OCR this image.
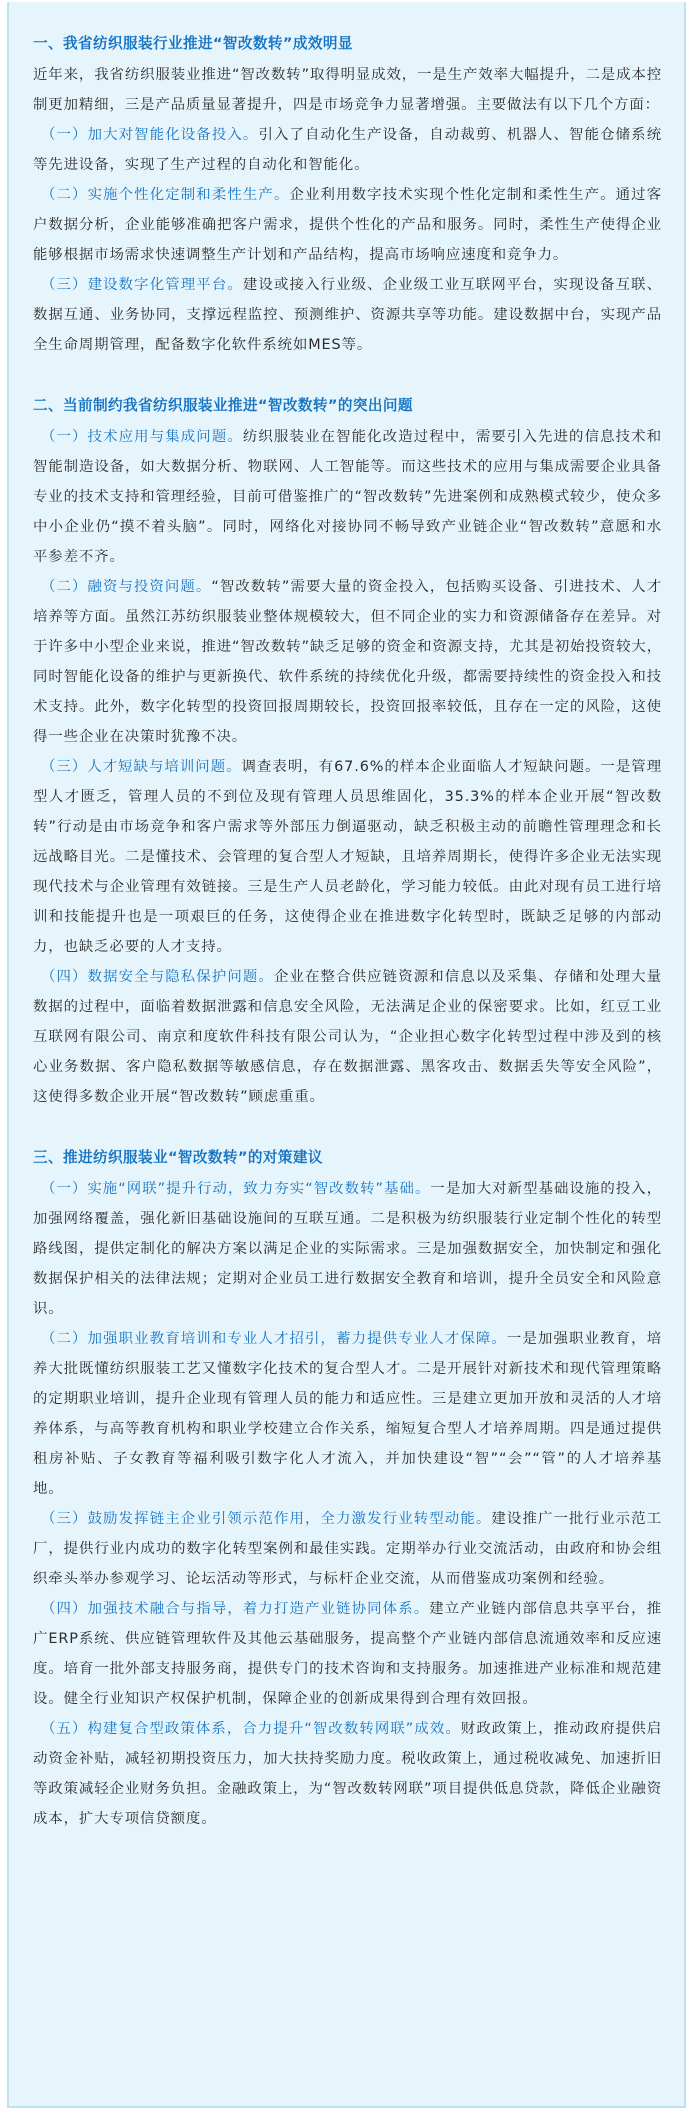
一、我省纺织服装行业推进“智改数转”成效明显

近年来，我省纺织服装业推进“智改数转”取得明显成效，一是生产效率大幅提升，二是成本控制更加精细，三是产品质量显著提升，四是市场竞争力显著增强。主要做法有以下几个方面：

（一）加大对智能化设备投入。引入了自动化生产设备，自动裁剪、机器人、智能仓储系统等先进设备，实现了生产过程的自动化和智能化。

（二）实施个性化定制和柔性生产。企业利用数字技术实现个性化定制和柔性生产。通过客户数据分析，企业能够准确把客户需求，提供个性化的产品和服务。同时，柔性生产使得企业能够根据市场需求快速调整生产计划和产品结构，提高市场响应速度和竞争力。

（三）建设数字化管理平台。建设或接入行业级、企业级工业互联网平台，实现设备互联、数据互通、业务协同，支撑远程监控、预测维护、资源共享等功能。建设数据中台，实现产品全生命周期管理，配备数字化软件系统如MES等。

二、当前制约我省纺织服装业推进“智改数转”的突出问题

（一）技术应用与集成问题。纺织服装业在智能化改造过程中，需要引入先进的信息技术和智能制造设备，如大数据分析、物联网、人工智能等。而这些技术的应用与集成需要企业具备专业的技术支持和管理经验，目前可借鉴推广的“智改数转”先进案例和成熟模式较少，使众多中小企业仍“摸不着头脑”。同时，网络化对接协同不畅导致产业链企业“智改数转”意愿和水平参差不齐。

（二）融资与投资问题。“智改数转”需要大量的资金投入，包括购买设备、引进技术、人才培养等方面。虽然江苏纺织服装业整体规模较大，但不同企业的实力和资源储备存在差异。对于许多中小型企业来说，推进“智改数转”缺乏足够的资金和资源支持，尤其是初始投资较大，同时智能化设备的维护与更新换代、软件系统的持续优化升级，都需要持续性的资金投入和技术支持。此外，数字化转型的投资回报周期较长，投资回报率较低，且存在一定的风险，这使得一些企业在决策时犹豫不决。

（三）人才短缺与培训问题。调查表明，有67.6%的样本企业面临人才短缺问题。一是管理型人才匮乏，管理人员的不到位及现有管理人员思维固化，35.3%的样本企业开展“智改数转”行动是由市场竞争和客户需求等外部压力倒逼驱动，缺乏积极主动的前瞻性管理理念和长远战略目光。二是懂技术、会管理的复合型人才短缺，且培养周期长，使得许多企业无法实现现代技术与企业管理有效链接。三是生产人员老龄化，学习能力较低。由此对现有员工进行培训和技能提升也是一项艰巨的任务，这使得企业在推进数字化转型时，既缺乏足够的内部动力，也缺乏必要的人才支持。

（四）数据安全与隐私保护问题。企业在整合供应链资源和信息以及采集、存储和处理大量数据的过程中，面临着数据泄露和信息安全风险，无法满足企业的保密要求。比如，红豆工业互联网有限公司、南京和度软件科技有限公司认为，“企业担心数字化转型过程中涉及到的核心业务数据、客户隐私数据等敏感信息，存在数据泄露、黑客攻击、数据丢失等安全风险”，这使得多数企业开展“智改数转”顾虑重重。

三、推进纺织服装业“智改数转”的对策建议

（一）实施“网联”提升行动，致力夯实“智改数转”基础。一是加大对新型基础设施的投入，加强网络覆盖，强化新旧基础设施间的互联互通。二是积极为纺织服装行业定制个性化的转型路线图，提供定制化的解决方案以满足企业的实际需求。三是加强数据安全，加快制定和强化数据保护相关的法律法规；定期对企业员工进行数据安全教育和培训，提升全员安全和风险意识。

（二）加强职业教育培训和专业人才招引，蓄力提供专业人才保障。一是加强职业教育，培养大批既懂纺织服装工艺又懂数字化技术的复合型人才。二是开展针对新技术和现代管理策略的定期职业培训，提升企业现有管理人员的能力和适应性。三是建立更加开放和灵活的人才培养体系，与高等教育机构和职业学校建立合作关系，缩短复合型人才培养周期。四是通过提供租房补贴、子女教育等福利吸引数字化人才流入，并加快建设“智”“会”“管”的人才培养基地。

（三）鼓励发挥链主企业引领示范作用，全力激发行业转型动能。建设推广一批行业示范工厂，提供行业内成功的数字化转型案例和最佳实践。定期举办行业交流活动，由政府和协会组织牵头举办参观学习、论坛活动等形式，与标杆企业交流，从而借鉴成功案例和经验。

（四）加强技术融合与指导，着力打造产业链协同体系。建立产业链内部信息共享平台，推广ERP系统、供应链管理软件及其他云基础服务，提高整个产业链内部信息流通效率和反应速度。培育一批外部支持服务商，提供专门的技术咨询和支持服务。加速推进产业标准和规范建设。健全行业知识产权保护机制，保障企业的创新成果得到合理有效回报。

（五）构建复合型政策体系，合力提升“智改数转网联”成效。财政政策上，推动政府提供启动资金补贴，减轻初期投资压力，加大扶持奖励力度。税收政策上，通过税收减免、加速折旧等政策减轻企业财务负担。金融政策上，为“智改数转网联”项目提供低息贷款，降低企业融资成本，扩大专项信贷额度。
